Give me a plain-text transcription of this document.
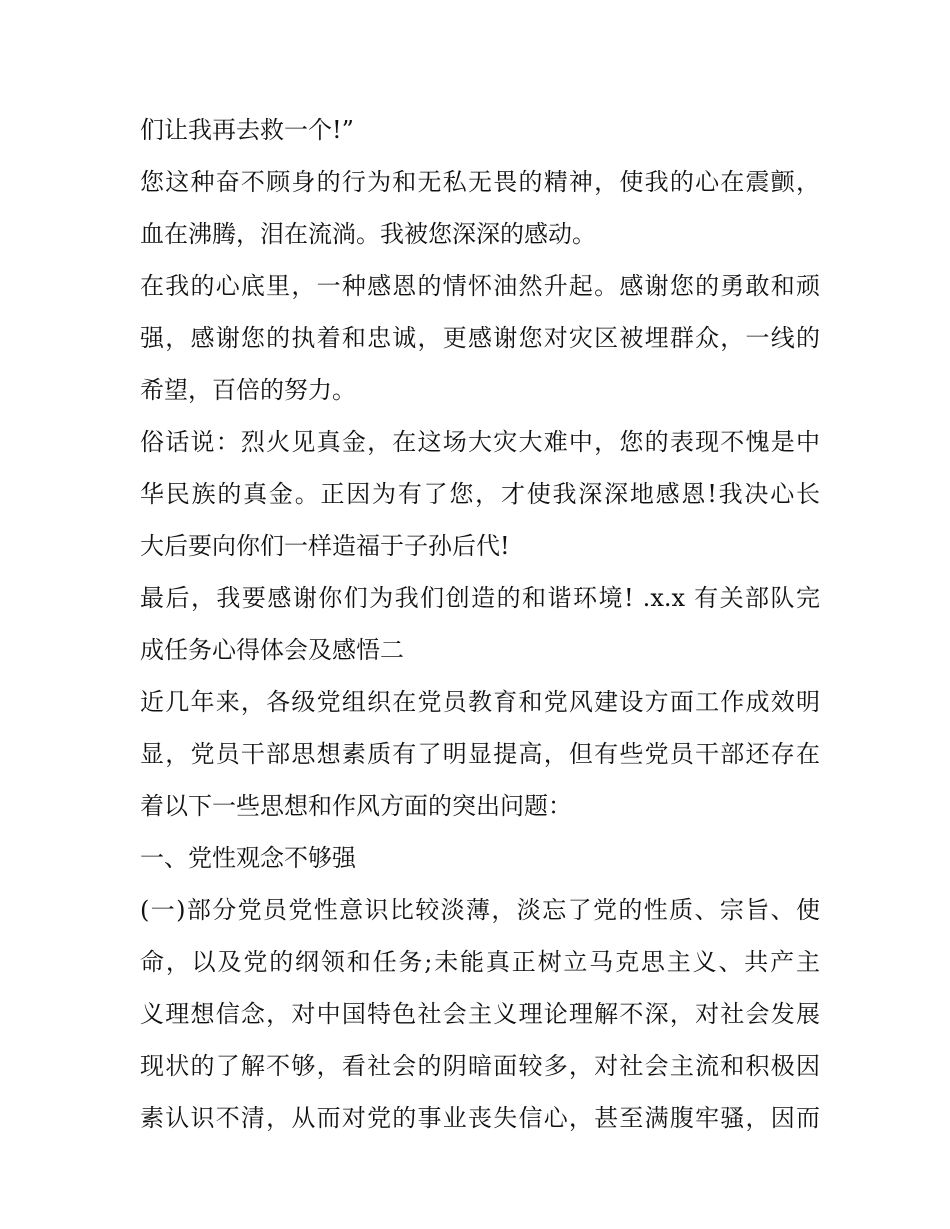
们让我再去救一个!”
您这种奋不顾身的行为和无私无畏的精神，使我的心在震颤，
血在沸腾，泪在流淌。我被您深深的感动。
在我的心底里，一种感恩的情怀油然升起。感谢您的勇敢和顽
强，感谢您的执着和忠诚，更感谢您对灾区被埋群众，一线的
希望，百倍的努力。
俗话说：烈火见真金，在这场大灾大难中，您的表现不愧是中
华民族的真金。正因为有了您，才使我深深地感恩!我决心长
大后要向你们一样造福于子孙后代!
最后，我要感谢你们为我们创造的和谐环境! .x.x 有关部队完
成任务心得体会及感悟二
近几年来，各级党组织在党员教育和党风建设方面工作成效明
显，党员干部思想素质有了明显提高，但有些党员干部还存在
着以下一些思想和作风方面的突出问题：
一、党性观念不够强
(一)部分党员党性意识比较淡薄，淡忘了党的性质、宗旨、使
命，以及党的纲领和任务;未能真正树立马克思主义、共产主
义理想信念，对中国特色社会主义理论理解不深，对社会发展
现状的了解不够，看社会的阴暗面较多，对社会主流和积极因
素认识不清，从而对党的事业丧失信心，甚至满腹牢骚，因而
